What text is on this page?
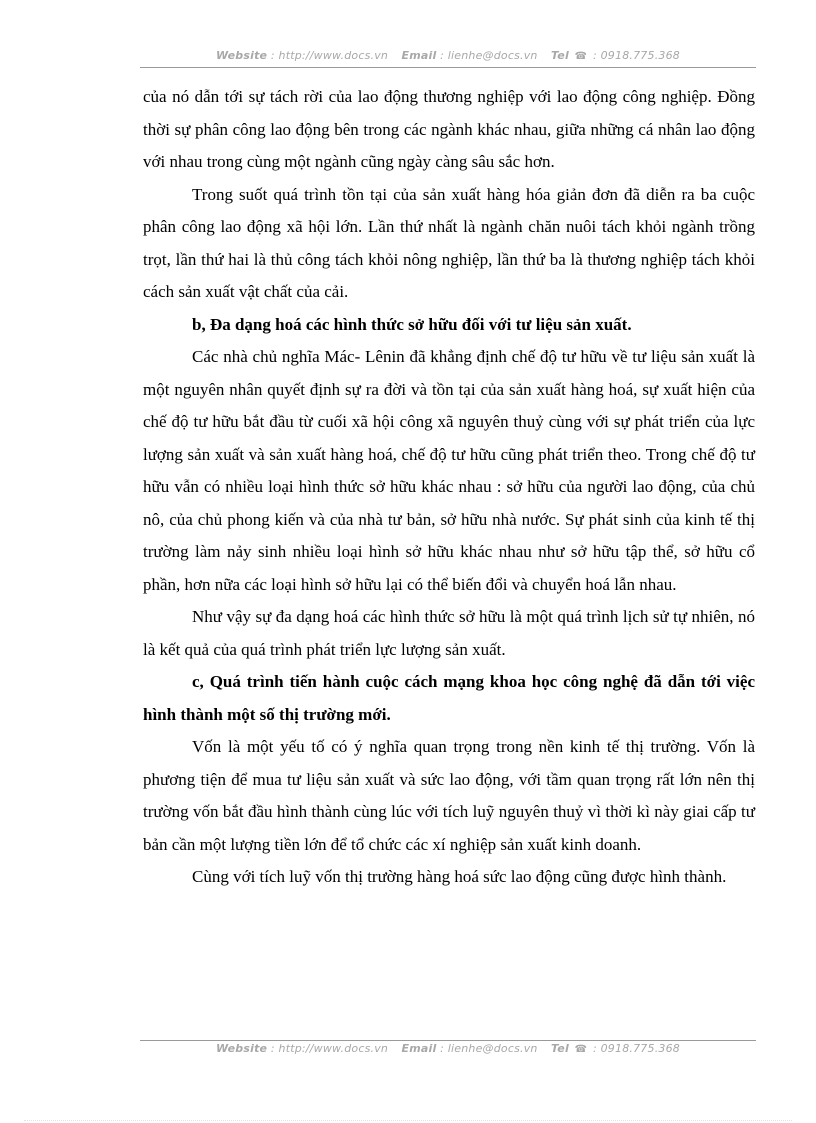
Website : http://www.docs.vn Email : lienhe@docs.vn Tel ☎ : 0918.775.368

của nó dẫn tới sự tách rời của lao động thương nghiệp với lao động công nghiệp. Đồng thời sự phân công lao động bên trong các ngành khác nhau, giữa những cá nhân lao động với nhau trong cùng một ngành cũng ngày càng sâu sắc hơn.

Trong suốt quá trình tồn tại của sản xuất hàng hóa giản đơn đã diễn ra ba cuộc phân công lao động xã hội lớn. Lần thứ nhất là ngành chăn nuôi tách khỏi ngành trồng trọt, lần thứ hai là thủ công tách khỏi nông nghiệp, lần thứ ba là thương nghiệp tách khỏi cách sản xuất vật chất của cải.

b, Đa dạng hoá các hình thức sở hữu đối với tư liệu sản xuất.

Các nhà chủ nghĩa Mác- Lênin đã khẳng định chế độ tư hữu về tư liệu sản xuất là một nguyên nhân quyết định sự ra đời và tồn tại của sản xuất hàng hoá, sự xuất hiện của chế độ tư hữu bắt đầu từ cuối xã hội công xã nguyên thuỷ cùng với sự phát triển của lực lượng sản xuất và sản xuất hàng hoá, chế độ tư hữu cũng phát triển theo. Trong chế độ tư hữu vẫn có nhiều loại hình thức sở hữu khác nhau : sở hữu của người lao động, của chủ nô, của chủ phong kiến và của nhà tư bản, sở hữu nhà nước. Sự phát sinh của kinh tế thị trường làm nảy sinh nhiều loại hình sở hữu khác nhau như sở hữu tập thể, sở hữu cổ phần, hơn nữa các loại hình sở hữu lại có thể biến đổi và chuyển hoá lẫn nhau.

Như vậy sự đa dạng hoá các hình thức sở hữu là một quá trình lịch sử tự nhiên, nó là kết quả của quá trình phát triển lực lượng sản xuất.

c, Quá trình tiến hành cuộc cách mạng khoa học công nghệ đã dẫn tới việc hình thành một số thị trường mới.

Vốn là một yếu tố có ý nghĩa quan trọng trong nền kinh tế thị trường. Vốn là phương tiện để mua tư liệu sản xuất và sức lao động, với tầm quan trọng rất lớn nên thị trường vốn bắt đầu hình thành cùng lúc với tích luỹ nguyên thuỷ vì thời kì này giai cấp tư bản cần một lượng tiền lớn để tổ chức các xí nghiệp sản xuất kinh doanh.

Cùng với tích luỹ vốn thị trường hàng hoá sức lao động cũng được hình thành.

Website : http://www.docs.vn Email : lienhe@docs.vn Tel ☎ : 0918.775.368
